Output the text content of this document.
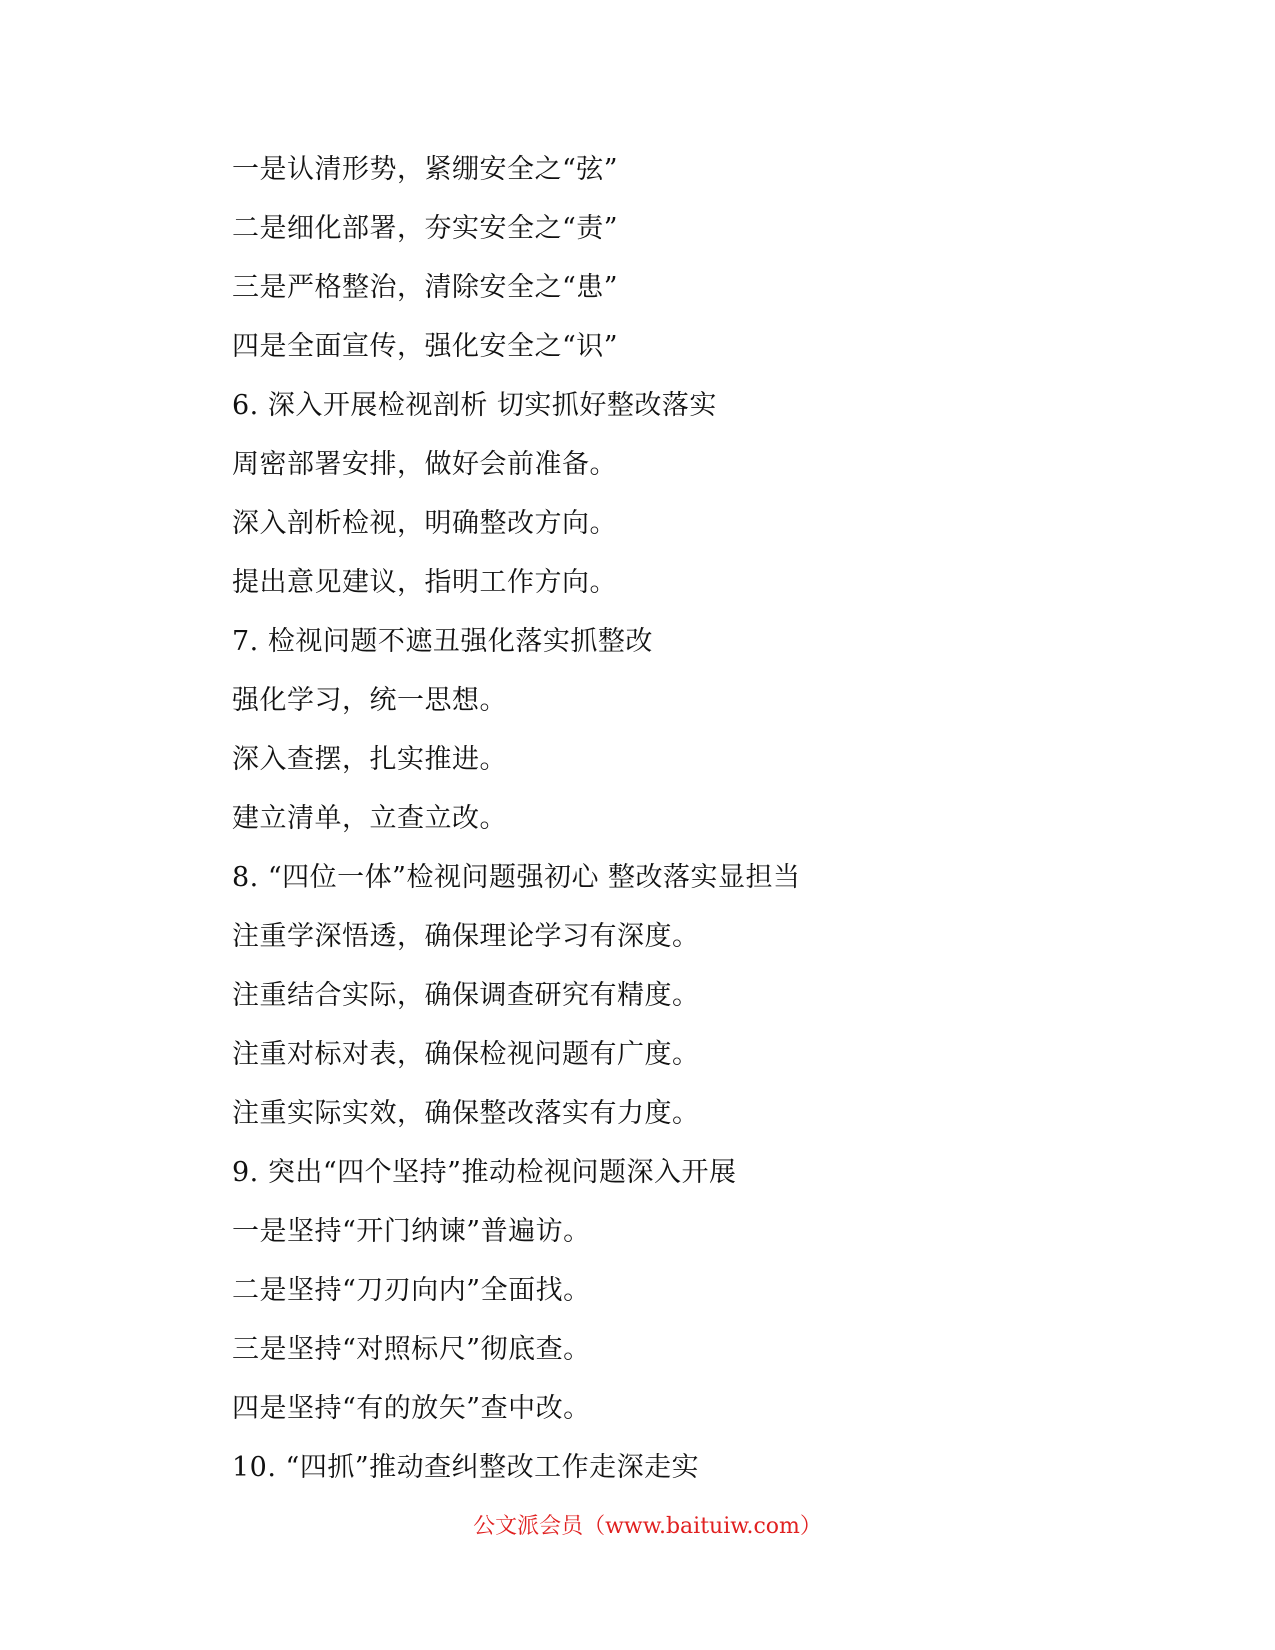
一是认清形势，紧绷安全之“弦”
二是细化部署，夯实安全之“责”
三是严格整治，清除安全之“患”
四是全面宣传，强化安全之“识”
6. 深入开展检视剖析 切实抓好整改落实
周密部署安排，做好会前准备。
深入剖析检视，明确整改方向。
提出意见建议，指明工作方向。
7. 检视问题不遮丑强化落实抓整改
强化学习，统一思想。
深入查摆，扎实推进。
建立清单，立查立改。
8. “四位一体”检视问题强初心 整改落实显担当
注重学深悟透，确保理论学习有深度。
注重结合实际，确保调查研究有精度。
注重对标对表，确保检视问题有广度。
注重实际实效，确保整改落实有力度。
9. 突出“四个坚持”推动检视问题深入开展
一是坚持“开门纳谏”普遍访。
二是坚持“刀刃向内”全面找。
三是坚持“对照标尺”彻底查。
四是坚持“有的放矢”查中改。
10. “四抓”推动查纠整改工作走深走实
公文派会员（www.baituiw.com）
